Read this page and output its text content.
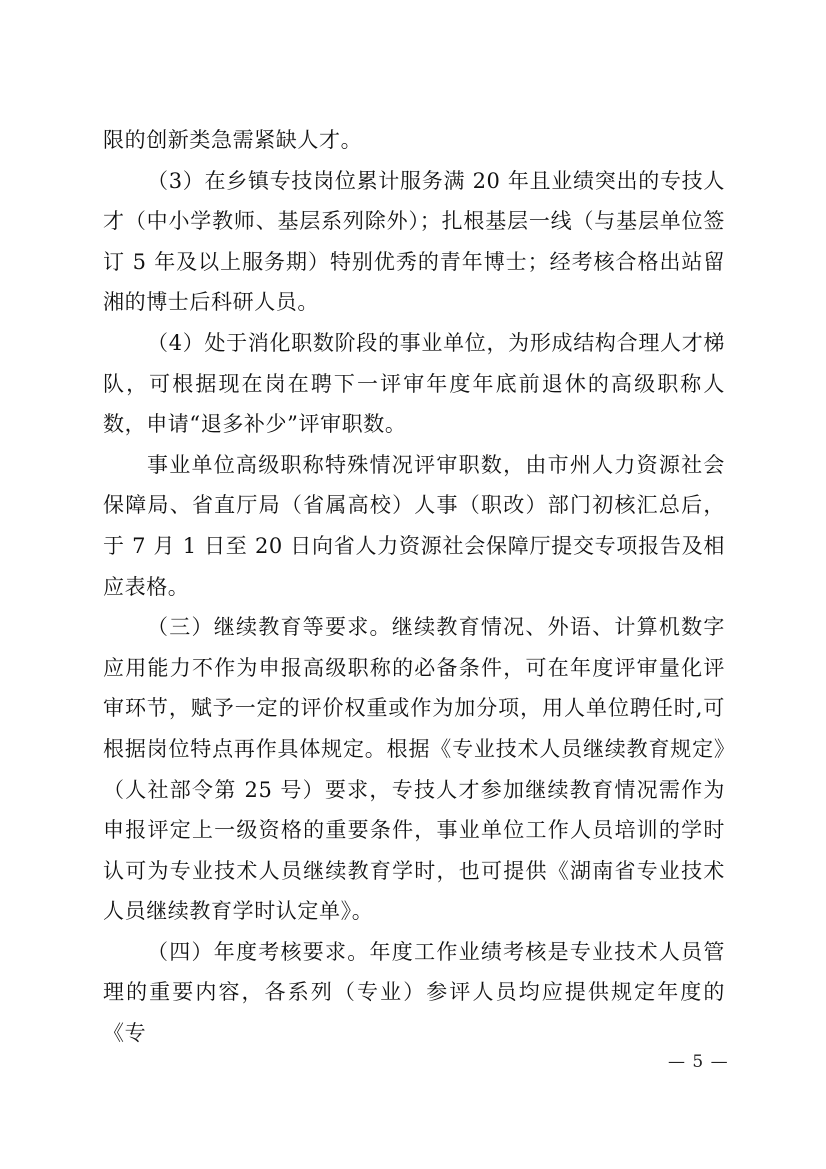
限的创新类急需紧缺人才。

（3）在乡镇专技岗位累计服务满 20 年且业绩突出的专技人才（中小学教师、基层系列除外）；扎根基层一线（与基层单位签订 5 年及以上服务期）特别优秀的青年博士；经考核合格出站留湘的博士后科研人员。

（4）处于消化职数阶段的事业单位，为形成结构合理人才梯队，可根据现在岗在聘下一评审年度年底前退休的高级职称人数，申请“退多补少”评审职数。

事业单位高级职称特殊情况评审职数，由市州人力资源社会保障局、省直厅局（省属高校）人事（职改）部门初核汇总后，于 7 月 1 日至 20 日向省人力资源社会保障厅提交专项报告及相应表格。

（三）继续教育等要求。继续教育情况、外语、计算机数字应用能力不作为申报高级职称的必备条件，可在年度评审量化评审环节，赋予一定的评价权重或作为加分项，用人单位聘任时,可根据岗位特点再作具体规定。根据《专业技术人员继续教育规定》（人社部令第 25 号）要求，专技人才参加继续教育情况需作为申报评定上一级资格的重要条件，事业单位工作人员培训的学时认可为专业技术人员继续教育学时，也可提供《湖南省专业技术人员继续教育学时认定单》。

（四）年度考核要求。年度工作业绩考核是专业技术人员管理的重要内容，各系列（专业）参评人员均应提供规定年度的《专

— 5 —
